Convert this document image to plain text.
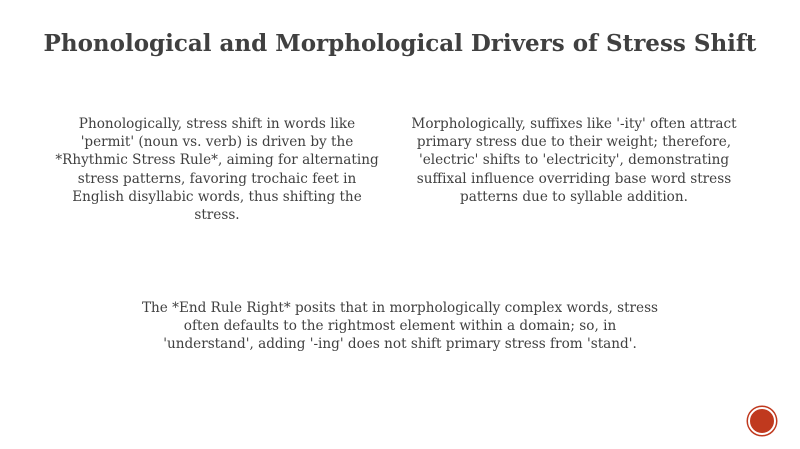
Phonological and Morphological Drivers of Stress Shift
Phonologically, stress shift in words like 'permit' (noun vs. verb) is driven by the *Rhythmic Stress Rule*, aiming for alternating stress patterns, favoring trochaic feet in English disyllabic words, thus shifting the stress.
Morphologically, suffixes like '-ity' often attract primary stress due to their weight; therefore, 'electric' shifts to 'electricity', demonstrating suffixal influence overriding base word stress patterns due to syllable addition.
The *End Rule Right* posits that in morphologically complex words, stress often defaults to the rightmost element within a domain; so, in 'understand', adding '-ing' does not shift primary stress from 'stand'.
